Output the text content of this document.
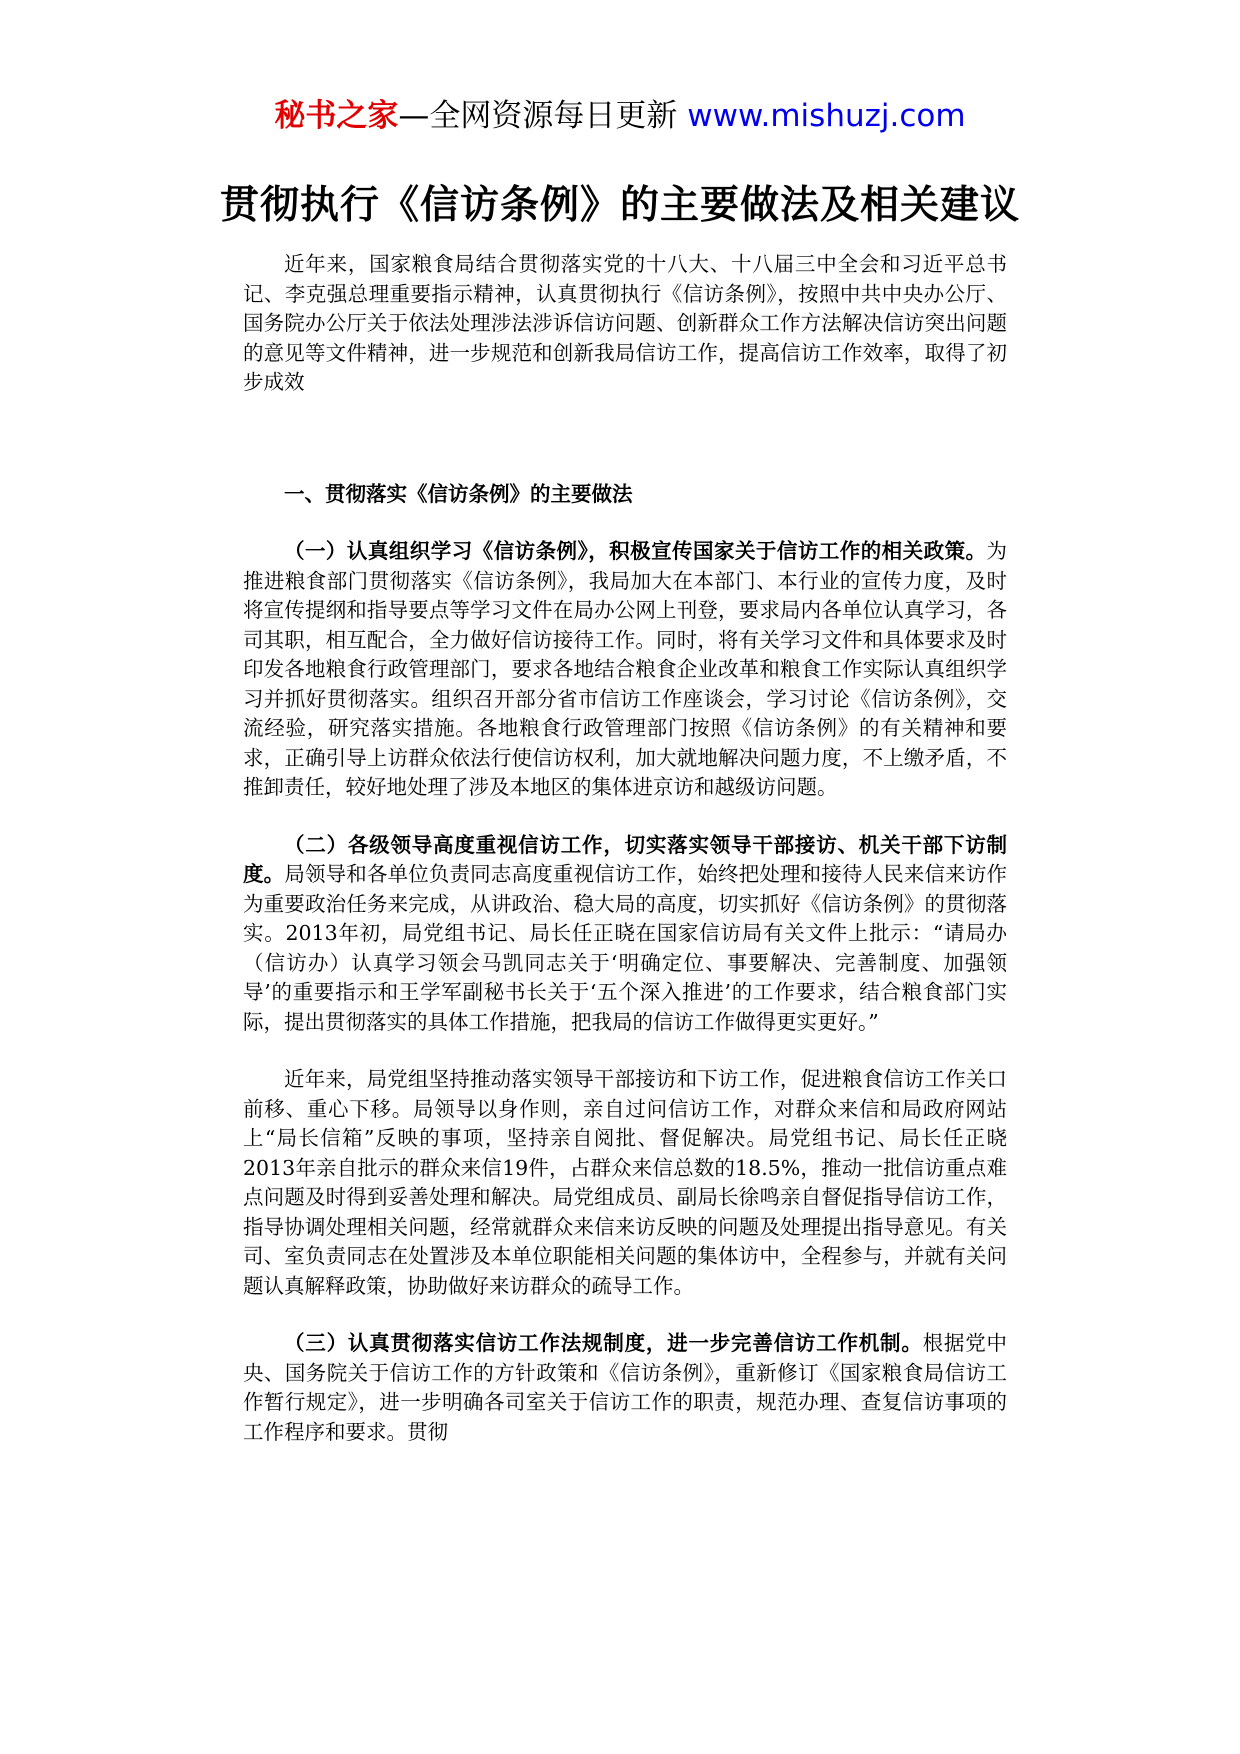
秘书之家—全网资源每日更新 www.mishuzj.com
贯彻执行《信访条例》的主要做法及相关建议

近年来，国家粮食局结合贯彻落实党的十八大、十八届三中全会和习近平总书记、李克强总理重要指示精神，认真贯彻执行《信访条例》，按照中共中央办公厅、国务院办公厅关于依法处理涉法涉诉信访问题、创新群众工作方法解决信访突出问题的意见等文件精神，进一步规范和创新我局信访工作，提高信访工作效率，取得了初步成效

一、贯彻落实《信访条例》的主要做法

（一）认真组织学习《信访条例》，积极宣传国家关于信访工作的相关政策。为推进粮食部门贯彻落实《信访条例》，我局加大在本部门、本行业的宣传力度，及时将宣传提纲和指导要点等学习文件在局办公网上刊登，要求局内各单位认真学习，各司其职，相互配合，全力做好信访接待工作。同时，将有关学习文件和具体要求及时印发各地粮食行政管理部门，要求各地结合粮食企业改革和粮食工作实际认真组织学习并抓好贯彻落实。组织召开部分省市信访工作座谈会，学习讨论《信访条例》，交流经验，研究落实措施。各地粮食行政管理部门按照《信访条例》的有关精神和要求，正确引导上访群众依法行使信访权利，加大就地解决问题力度，不上缴矛盾，不推卸责任，较好地处理了涉及本地区的集体进京访和越级访问题。

（二）各级领导高度重视信访工作，切实落实领导干部接访、机关干部下访制度。局领导和各单位负责同志高度重视信访工作，始终把处理和接待人民来信来访作为重要政治任务来完成，从讲政治、稳大局的高度，切实抓好《信访条例》的贯彻落实。2013年初，局党组书记、局长任正晓在国家信访局有关文件上批示：“请局办（信访办）认真学习领会马凯同志关于‘明确定位、事要解决、完善制度、加强领导’的重要指示和王学军副秘书长关于‘五个深入推进’的工作要求，结合粮食部门实际，提出贯彻落实的具体工作措施，把我局的信访工作做得更实更好。”

近年来，局党组坚持推动落实领导干部接访和下访工作，促进粮食信访工作关口前移、重心下移。局领导以身作则，亲自过问信访工作，对群众来信和局政府网站上“局长信箱”反映的事项，坚持亲自阅批、督促解决。局党组书记、局长任正晓2013年亲自批示的群众来信19件，占群众来信总数的18.5%，推动一批信访重点难点问题及时得到妥善处理和解决。局党组成员、副局长徐鸣亲自督促指导信访工作，指导协调处理相关问题，经常就群众来信来访反映的问题及处理提出指导意见。有关司、室负责同志在处置涉及本单位职能相关问题的集体访中，全程参与，并就有关问题认真解释政策，协助做好来访群众的疏导工作。

（三）认真贯彻落实信访工作法规制度，进一步完善信访工作机制。根据党中央、国务院关于信访工作的方针政策和《信访条例》，重新修订《国家粮食局信访工作暂行规定》，进一步明确各司室关于信访工作的职责，规范办理、查复信访事项的工作程序和要求。贯彻
